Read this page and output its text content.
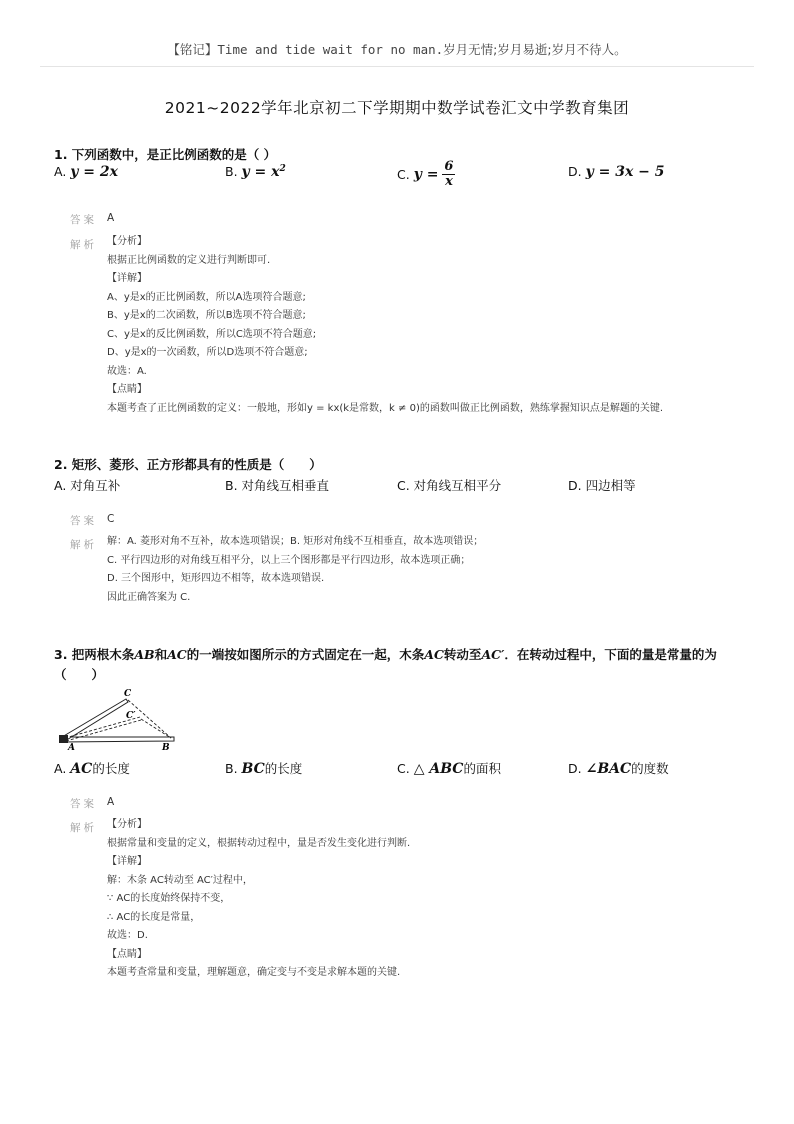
【铭记】Time and tide wait for no man.岁月无情;岁月易逝;岁月不待人。
2021~2022学年北京初二下学期期中数学试卷汇文中学教育集团
1. 下列函数中，是正比例函数的是（ ）
A. y = 2x	B. $y = x^2$	C. $y = \frac{6}{x}$	D. y = 3x − 5
答案 A
解析 【分析】
根据正比例函数的定义进行判断即可.
【详解】
A、y是x的正比例函数，所以A选项符合题意;
B、y是x的二次函数，所以B选项不符合题意;
C、y是x的反比例函数，所以C选项不符合题意;
D、y是x的一次函数，所以D选项不符合题意;
故选：A.
【点睛】
本题考查了正比例函数的定义：一般地，形如y = kx(k是常数，k ≠ 0)的函数叫做正比例函数，熟练掌握知识点是解题的关键.
2. 矩形、菱形、正方形都具有的性质是（　　）
A. 对角互补	B. 对角线互相垂直	C. 对角线互相平分	D. 四边相等
答案 C
解析 解：A. 菱形对角不互补，故本选项错误；B. 矩形对角线不互相垂直，故本选项错误；
C. 平行四边形的对角线互相平分，以上三个图形都是平行四边形，故本选项正确；
D. 三个图形中，矩形四边不相等，故本选项错误.
因此正确答案为 C.
3. 把两根木条AB和AC的一端按如图所示的方式固定在一起，木条AC转动至AC′．在转动过程中，下面的量是常量的为
（　　）
C
C′
A	B
A. AC的长度	B. BC的长度	C. △ ABC的面积	D. ∠BAC的度数
答案 A
解析 【分析】
根据常量和变量的定义，根据转动过程中，量是否发生变化进行判断.
【详解】
解：木条 AC转动至 AC′过程中，
∵ AC的长度始终保持不变，
∴ AC的长度是常量，
故选：D.
【点睛】
本题考查常量和变量，理解题意，确定变与不变是求解本题的关键.
